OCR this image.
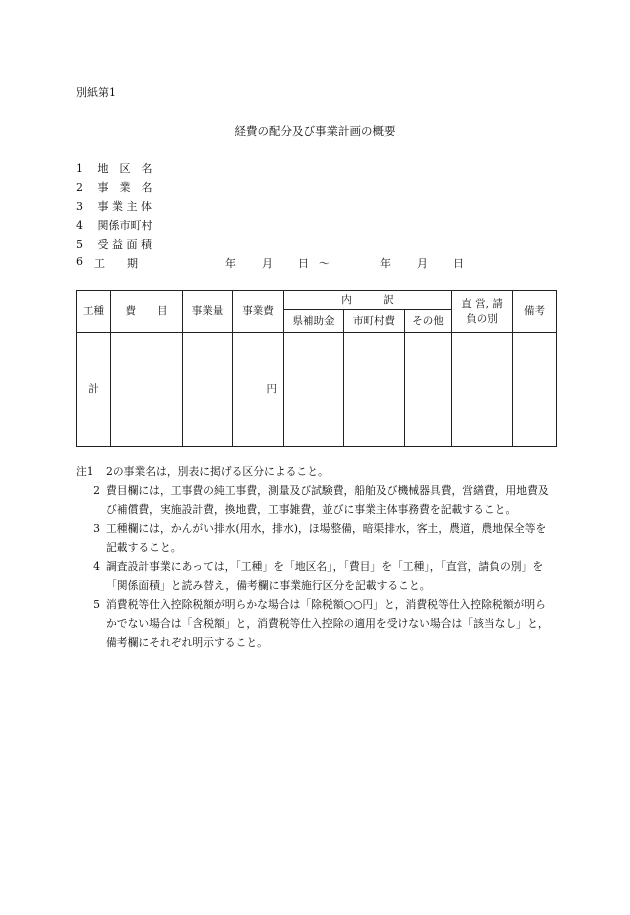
別紙第1
経費の配分及び事業計画の概要
1 地　区　名
2 事　業　名
3 事 業 主 体
4 関係市町村
5 受 益 面 積
6 工　　期	年 月 日 ～	年 月 日
工種	費　　目	事業量	事業費	内　　　訳			直 営, 請 負の別	備考
				県補助金	市町村費	その他		
計			円					
注1	2の事業名は，別表に掲げる区分によること。
2 費目欄には，工事費の純工事費，測量及び試験費，船舶及び機械器具費，営繕費，用地費及び補償費，実施設計費，換地費，工事雑費，並びに事業主体事務費を記載すること。
3 工種欄には，かんがい排水(用水，排水)，ほ場整備，暗渠排水，客土，農道，農地保全等を記載すること。
4 調査設計事業にあっては，「工種」を「地区名」，「費目」を「工種」，「直営，請負の別」を「関係面積」と読み替え，備考欄に事業施行区分を記載すること。
5 消費税等仕入控除税額が明らかな場合は「除税額○○円」と，消費税等仕入控除税額が明らかでない場合は「含税額」と，消費税等仕入控除の適用を受けない場合は「該当なし」と，備考欄にそれぞれ明示すること。
